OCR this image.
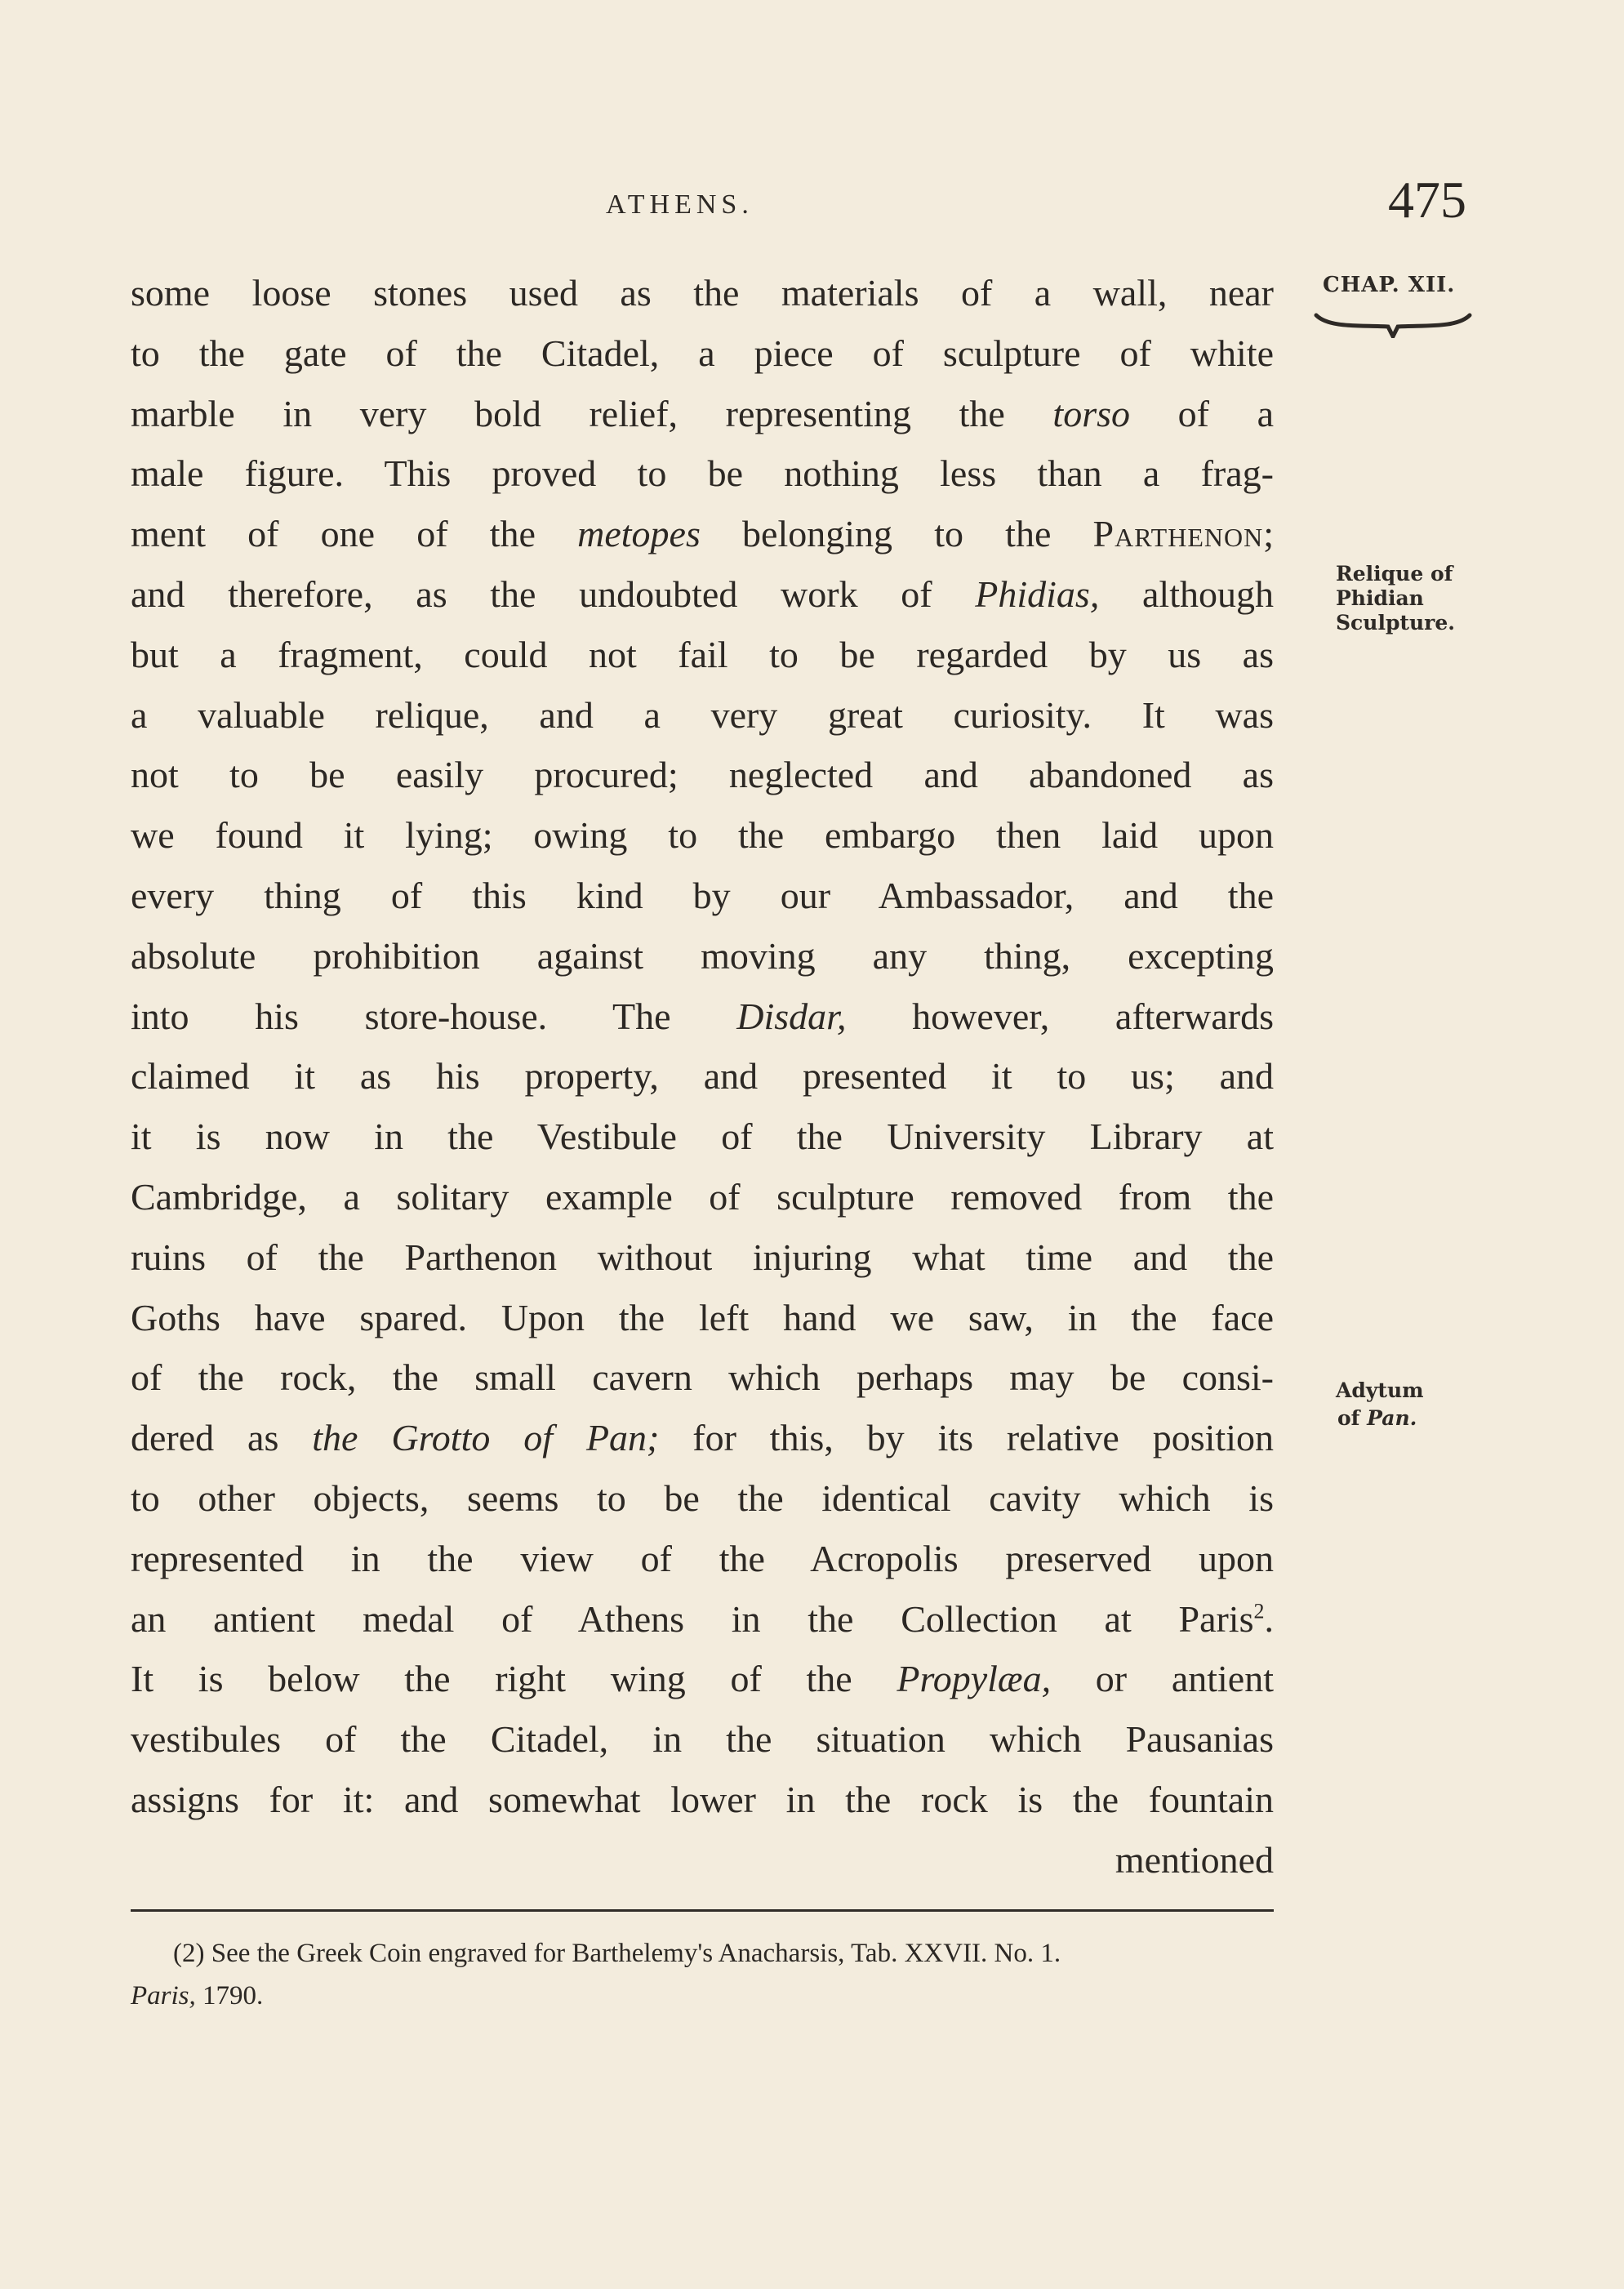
ATHENS.	475
CHAP. XII.
Relique of
Phidian
Sculpture.
Adytum
of Pan.
some loose stones used as the materials of a wall, near
to the gate of the Citadel, a piece of sculpture of white
marble in very bold relief, representing the torso of a
male figure. This proved to be nothing less than a frag-
ment of one of the metopes belonging to the Parthenon;
and therefore, as the undoubted work of Phidias, although
but a fragment, could not fail to be regarded by us as
a valuable relique, and a very great curiosity. It was
not to be easily procured; neglected and abandoned as
we found it lying; owing to the embargo then laid upon
every thing of this kind by our Ambassador, and the
absolute prohibition against moving any thing, excepting
into his store-house. The Disdar, however, afterwards
claimed it as his property, and presented it to us; and
it is now in the Vestibule of the University Library at
Cambridge, a solitary example of sculpture removed from the
ruins of the Parthenon without injuring what time and the
Goths have spared. Upon the left hand we saw, in the face
of the rock, the small cavern which perhaps may be consi-
dered as the Grotto of Pan; for this, by its relative position
to other objects, seems to be the identical cavity which is
represented in the view of the Acropolis preserved upon
an antient medal of Athens in the Collection at Paris$^2$.
It is below the right wing of the Propylæa, or antient
vestibules of the Citadel, in the situation which Pausanias
assigns for it: and somewhat lower in the rock is the fountain
mentioned
(2) See the Greek Coin engraved for Barthelemy's Anacharsis, Tab. XXVII. No. 1.
Paris, 1790.
